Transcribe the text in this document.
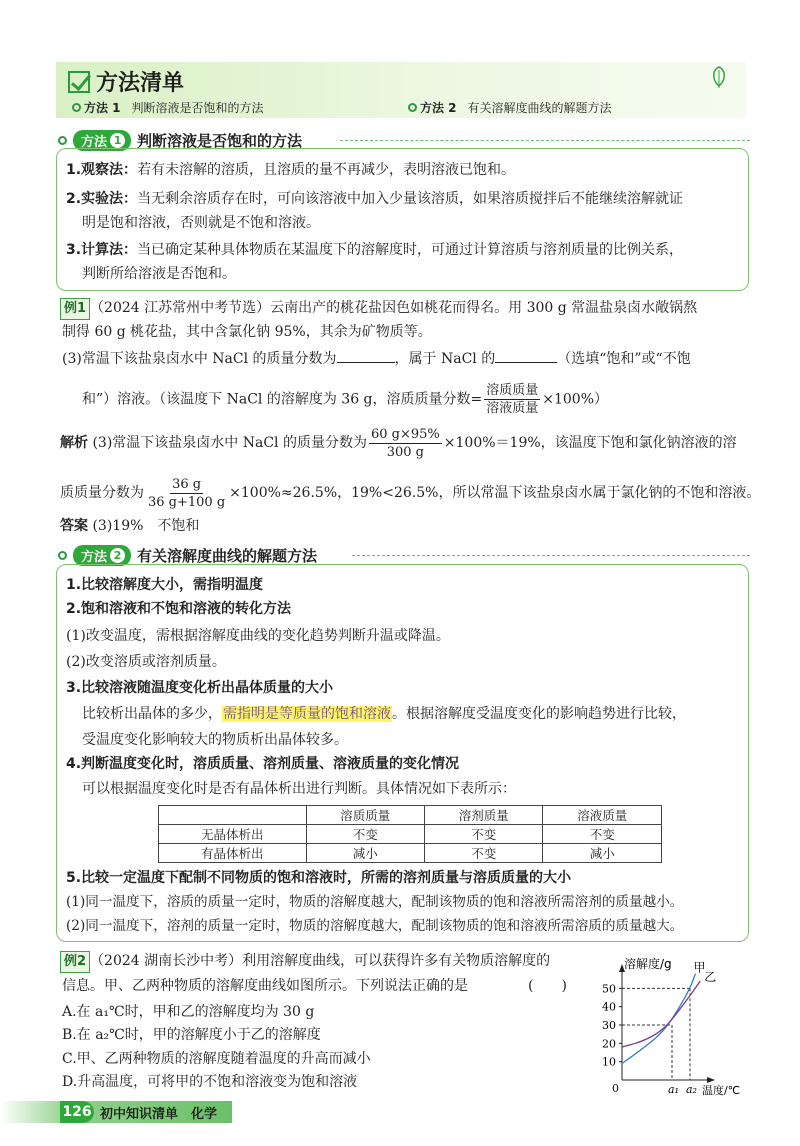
方法清单
方法 1 判断溶液是否饱和的方法	方法 2 有关溶解度曲线的解题方法
方法 1 判断溶液是否饱和的方法
1.观察法：若有未溶解的溶质，且溶质的量不再减少，表明溶液已饱和。
2.实验法：当无剩余溶质存在时，可向该溶液中加入少量该溶质，如果溶质搅拌后不能继续溶解就证
明是饱和溶液，否则就是不饱和溶液。
3.计算法：当已确定某种具体物质在某温度下的溶解度时，可通过计算溶质与溶剂质量的比例关系，
判断所给溶液是否饱和。
例1 （2024 江苏常州中考节选）云南出产的桃花盐因色如桃花而得名。用 300 g 常温盐泉卤水敞锅熬
制得 60 g 桃花盐，其中含氯化钠 95%，其余为矿物质等。
(3)常温下该盐泉卤水中 NaCl 的质量分数为	，属于 NaCl 的	（选填“饱和”或“不饱
和”）溶液。（该温度下 NaCl 的溶解度为 36 g，溶质质量分数= $\frac{\text{溶质质量}}{\text{溶液质量}} \times 100\%$）
解析 (3)常温下该盐泉卤水中 NaCl 的质量分数为 $\frac{60 g\times 95\%}{300 g} \times 100\%=19\%$，该温度下饱和氯化钠溶液的溶
质质量分数为 $\frac{36 g}{36 g+100 g} \times 100\%\approx 26.5\%$，19%<26.5%，所以常温下该盐泉卤水属于氯化钠的不饱和溶液。
答案 (3)19%　不饱和
方法 2 有关溶解度曲线的解题方法
1.比较溶解度大小，需指明温度
2.饱和溶液和不饱和溶液的转化方法
(1)改变温度，需根据溶解度曲线的变化趋势判断升温或降温。
(2)改变溶质或溶剂质量。
3.比较溶液随温度变化析出晶体质量的大小
比较析出晶体的多少，需指明是等质量的饱和溶液。根据溶解度受温度变化的影响趋势进行比较，
受温度变化影响较大的物质析出晶体较多。
4.判断温度变化时，溶质质量、溶剂质量、溶液质量的变化情况
可以根据温度变化时是否有晶体析出进行判断。具体情况如下表所示：
	溶质质量	溶剂质量	溶液质量
无晶体析出	不变	不变	不变
有晶体析出	减小	不变	减小
5.比较一定温度下配制不同物质的饱和溶液时，所需的溶剂质量与溶质质量的大小
(1)同一温度下，溶质的质量一定时，物质的溶解度越大，配制该物质的饱和溶液所需溶剂的质量越小。
(2)同一温度下，溶剂的质量一定时，物质的溶解度越大，配制该物质的饱和溶液所需溶质的质量越大。
例2 （2024 湖南长沙中考）利用溶解度曲线，可以获得许多有关物质溶解度的
信息。甲、乙两种物质的溶解度曲线如图所示。下列说法正确的是	(　　)
A.在 a₁℃时，甲和乙的溶解度均为 30 g
B.在 a₂℃时，甲的溶解度小于乙的溶解度
C.甲、乙两种物质的溶解度随着温度的升高而减小
D.升高温度，可将甲的不饱和溶液变为饱和溶液
溶解度/g
温度/℃
0
50
40
30
20
10
a₁ a₂
甲
乙
126 初中知识清单　化学
